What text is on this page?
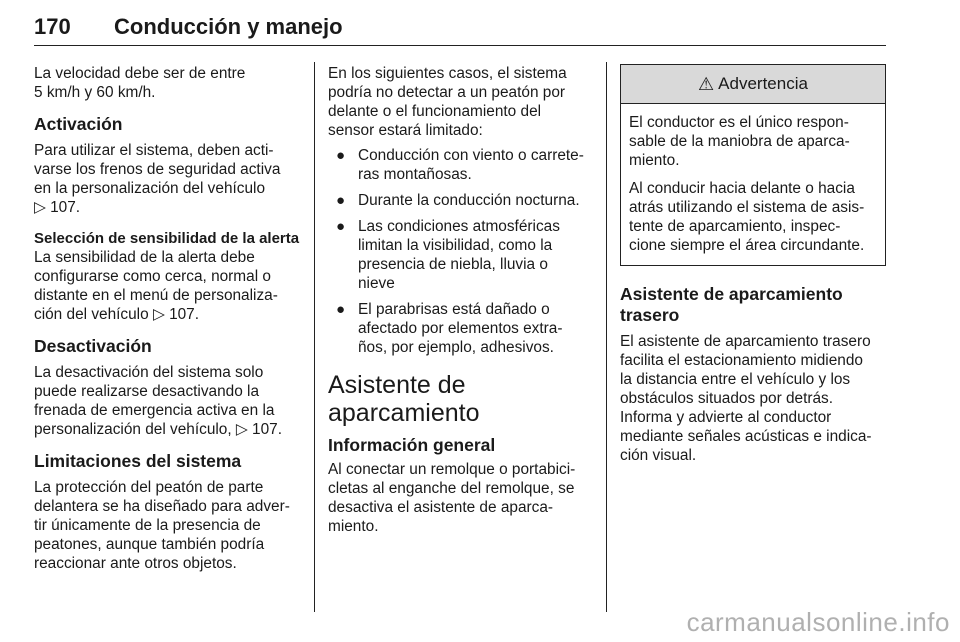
170 Conducción y manejo

La velocidad debe ser de entre
5 km/h y 60 km/h.

Activación

Para utilizar el sistema, deben acti-
varse los frenos de seguridad activa
en la personalización del vehículo
▷ 107.

Selección de sensibilidad de la alerta

La sensibilidad de la alerta debe
configurarse como cerca, normal o
distante en el menú de personaliza-
ción del vehículo ▷ 107.

Desactivación

La desactivación del sistema solo
puede realizarse desactivando la
frenada de emergencia activa en la
personalización del vehículo, ▷ 107.

Limitaciones del sistema

La protección del peatón de parte
delantera se ha diseñado para adver-
tir únicamente de la presencia de
peatones, aunque también podría
reaccionar ante otros objetos.

En los siguientes casos, el sistema
podría no detectar a un peatón por
delante o el funcionamiento del
sensor estará limitado:

● Conducción con viento o carrete-
ras montañosas.
● Durante la conducción nocturna.
● Las condiciones atmosféricas
limitan la visibilidad, como la
presencia de niebla, lluvia o
nieve
● El parabrisas está dañado o
afectado por elementos extra-
ños, por ejemplo, adhesivos.
Asistente de aparcamiento
Información general

Al conectar un remolque o portabici-
cletas al enganche del remolque, se
desactiva el asistente de aparca-
miento.

⚠ Advertencia

El conductor es el único respon-
sable de la maniobra de aparca-
miento.

Al conducir hacia delante o hacia
atrás utilizando el sistema de asis-
tente de aparcamiento, inspec-
cione siempre el área circundante.

Asistente de aparcamiento
trasero

El asistente de aparcamiento trasero
facilita el estacionamiento midiendo
la distancia entre el vehículo y los
obstáculos situados por detrás.
Informa y advierte al conductor
mediante señales acústicas e indica-
ción visual.

carmanualsonline.info
